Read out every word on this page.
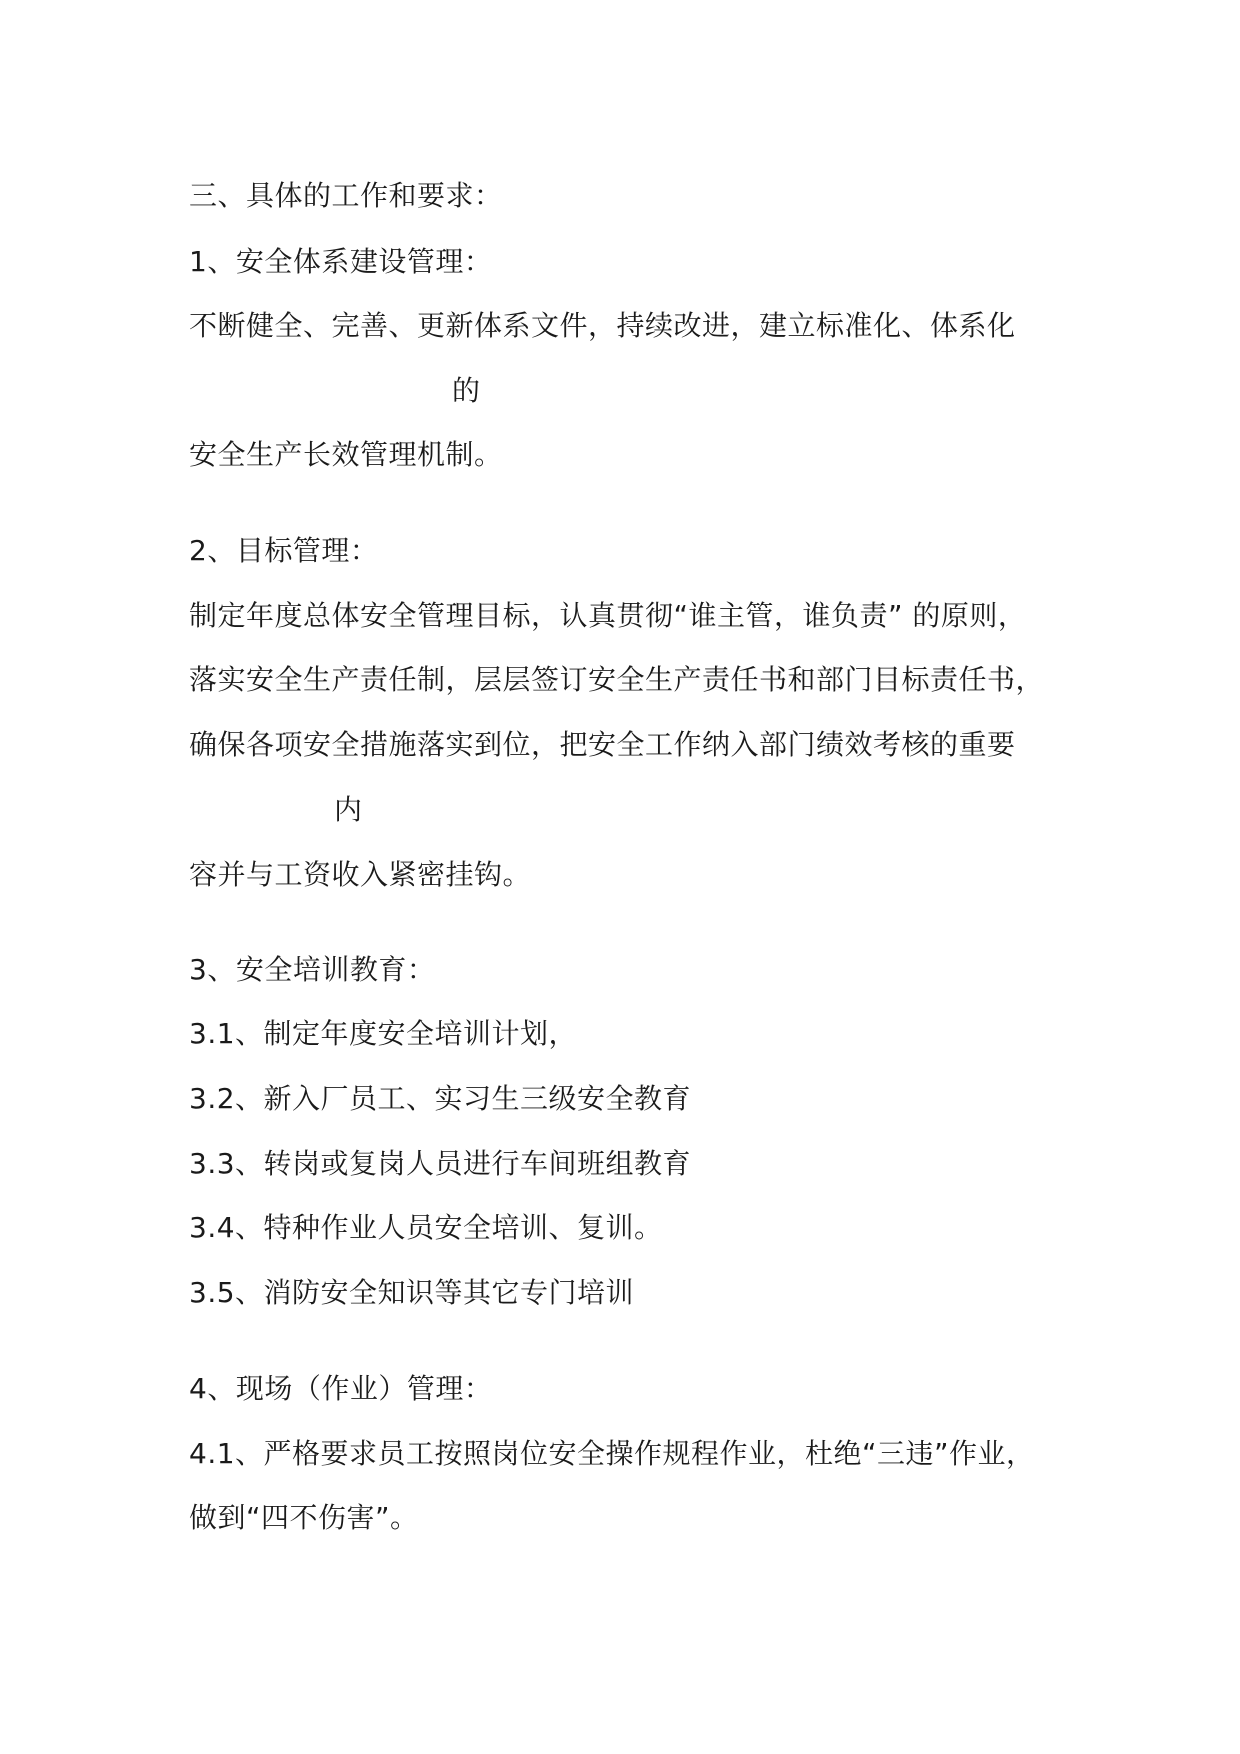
三、具体的工作和要求：
1、安全体系建设管理：
不断健全、完善、更新体系文件，持续改进，建立标准化、体系化
的
安全生产长效管理机制。
2、目标管理：
制定年度总体安全管理目标，认真贯彻“谁主管，谁负责” 的原则，
落实安全生产责任制，层层签订安全生产责任书和部门目标责任书，
确保各项安全措施落实到位，把安全工作纳入部门绩效考核的重要
内
容并与工资收入紧密挂钩。
3、安全培训教育：
3.1、制定年度安全培训计划，
3.2、新入厂员工、实习生三级安全教育
3.3、转岗或复岗人员进行车间班组教育
3.4、特种作业人员安全培训、复训。
3.5、消防安全知识等其它专门培训
4、现场（作业）管理：
4.1、严格要求员工按照岗位安全操作规程作业，杜绝“三违”作业，
做到“四不伤害”。
